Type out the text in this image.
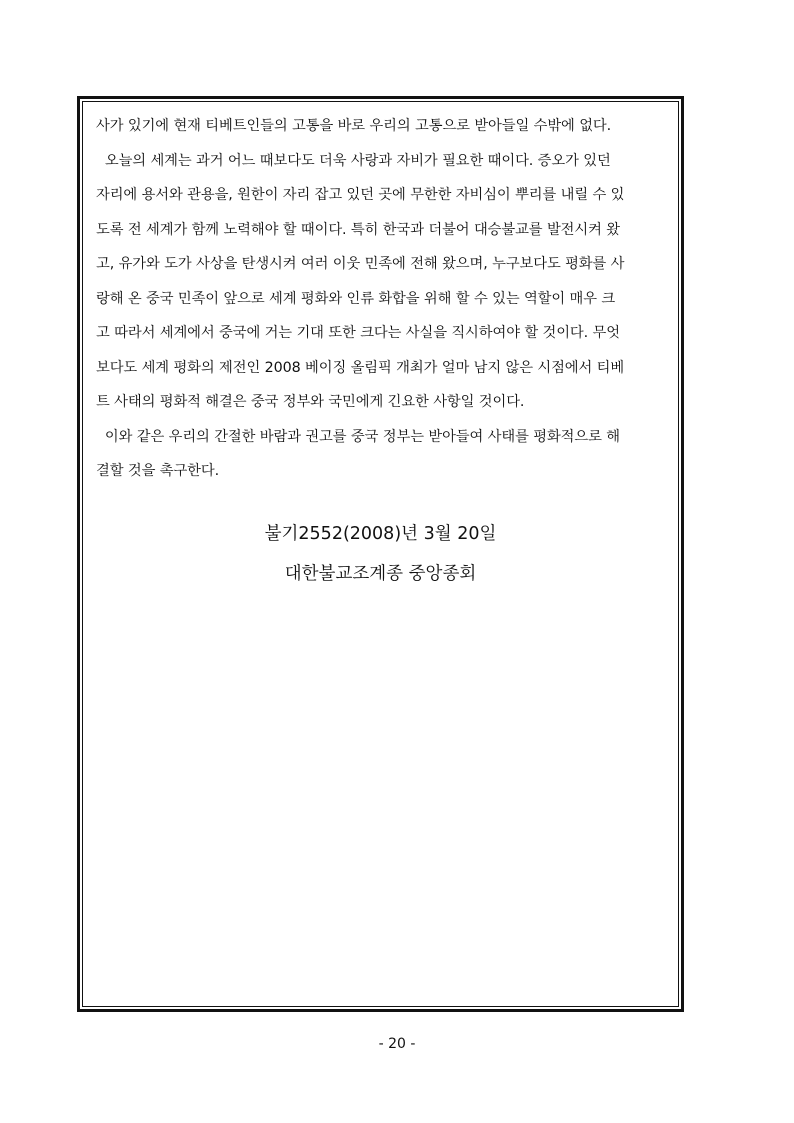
사가 있기에 현재 티베트인들의 고통을 바로 우리의 고통으로 받아들일 수밖에 없다.
오늘의 세계는 과거 어느 때보다도 더욱 사랑과 자비가 필요한 때이다. 증오가 있던
자리에 용서와 관용을, 원한이 자리 잡고 있던 곳에 무한한 자비심이 뿌리를 내릴 수 있
도록 전 세계가 함께 노력해야 할 때이다. 특히 한국과 더불어 대승불교를 발전시켜 왔
고, 유가와 도가 사상을 탄생시켜 여러 이웃 민족에 전해 왔으며, 누구보다도 평화를 사
랑해 온 중국 민족이 앞으로 세계 평화와 인류 화합을 위해 할 수 있는 역할이 매우 크
고 따라서 세계에서 중국에 거는 기대 또한 크다는 사실을 직시하여야 할 것이다. 무엇
보다도 세계 평화의 제전인 2008 베이징 올림픽 개최가 얼마 남지 않은 시점에서 티베
트 사태의 평화적 해결은 중국 정부와 국민에게 긴요한 사항일 것이다.
이와 같은 우리의 간절한 바람과 권고를 중국 정부는 받아들여 사태를 평화적으로 해
결할 것을 촉구한다.
불기2552(2008)년 3월 20일
대한불교조계종 중앙종회
- 20 -
